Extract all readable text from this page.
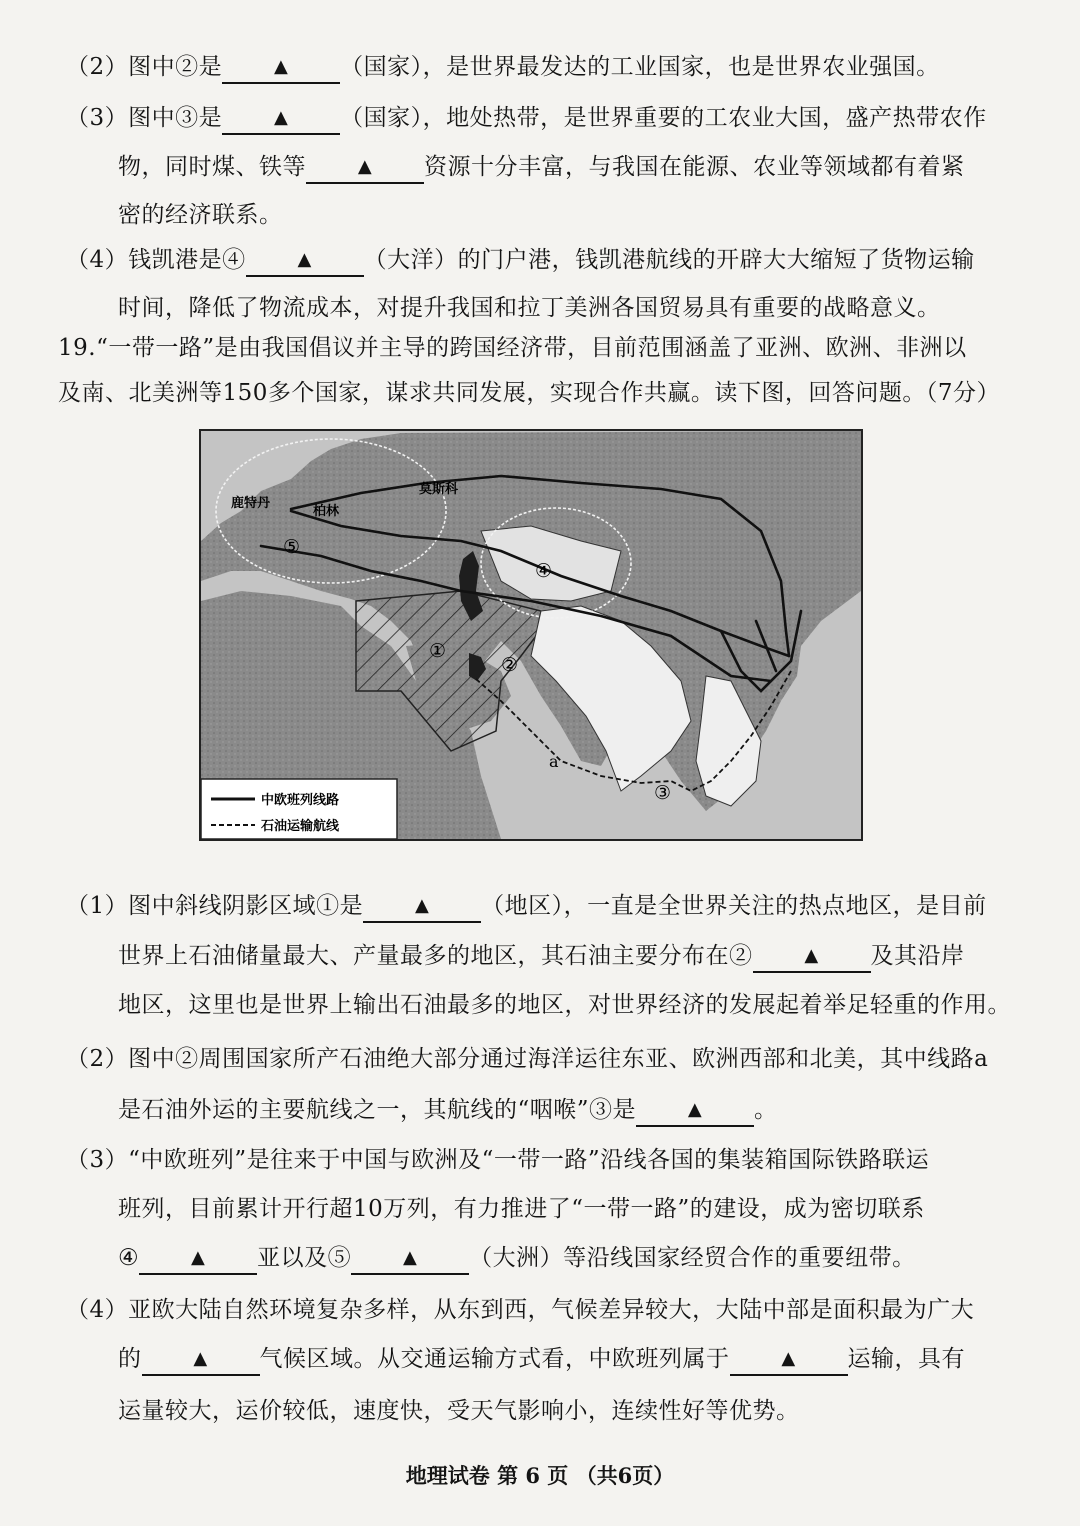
（2）图中②是	▲ （国家），是世界最发达的工业国家，也是世界农业强国。
（3）图中③是	▲ （国家），地处热带，是世界重要的工农业大国，盛产热带农作
物，同时煤、铁等	▲ 资源十分丰富，与我国在能源、农业等领域都有着紧
密的经济联系。
（4）钱凯港是④	▲ （大洋）的门户港，钱凯港航线的开辟大大缩短了货物运输
时间，降低了物流成本，对提升我国和拉丁美洲各国贸易具有重要的战略意义。
19.“一带一路”是由我国倡议并主导的跨国经济带，目前范围涵盖了亚洲、欧洲、非洲以
及南、北美洲等150多个国家，谋求共同发展，实现合作共赢。读下图，回答问题。（7分）
鹿特丹
柏林
莫斯科
①
②
③
④
⑤
a
中欧班列线路
石油运输航线
（1）图中斜线阴影区域①是	▲ （地区），一直是全世界关注的热点地区，是目前
世界上石油储量最大、产量最多的地区，其石油主要分布在②	▲ 及其沿岸
地区，这里也是世界上输出石油最多的地区，对世界经济的发展起着举足轻重的作用。
（2）图中②周围国家所产石油绝大部分通过海洋运往东亚、欧洲西部和北美，其中线路a
是石油外运的主要航线之一，其航线的“咽喉”③是	▲ 。
（3）“中欧班列”是往来于中国与欧洲及“一带一路”沿线各国的集装箱国际铁路联运
班列，目前累计开行超10万列，有力推进了“一带一路”的建设，成为密切联系
④	▲ 亚以及⑤	▲ （大洲）等沿线国家经贸合作的重要纽带。
（4）亚欧大陆自然环境复杂多样，从东到西，气候差异较大，大陆中部是面积最为广大
的	▲ 气候区域。从交通运输方式看，中欧班列属于	▲ 运输，具有
运量较大，运价较低，速度快，受天气影响小，连续性好等优势。
地理试卷 第 6 页 （共6页）
